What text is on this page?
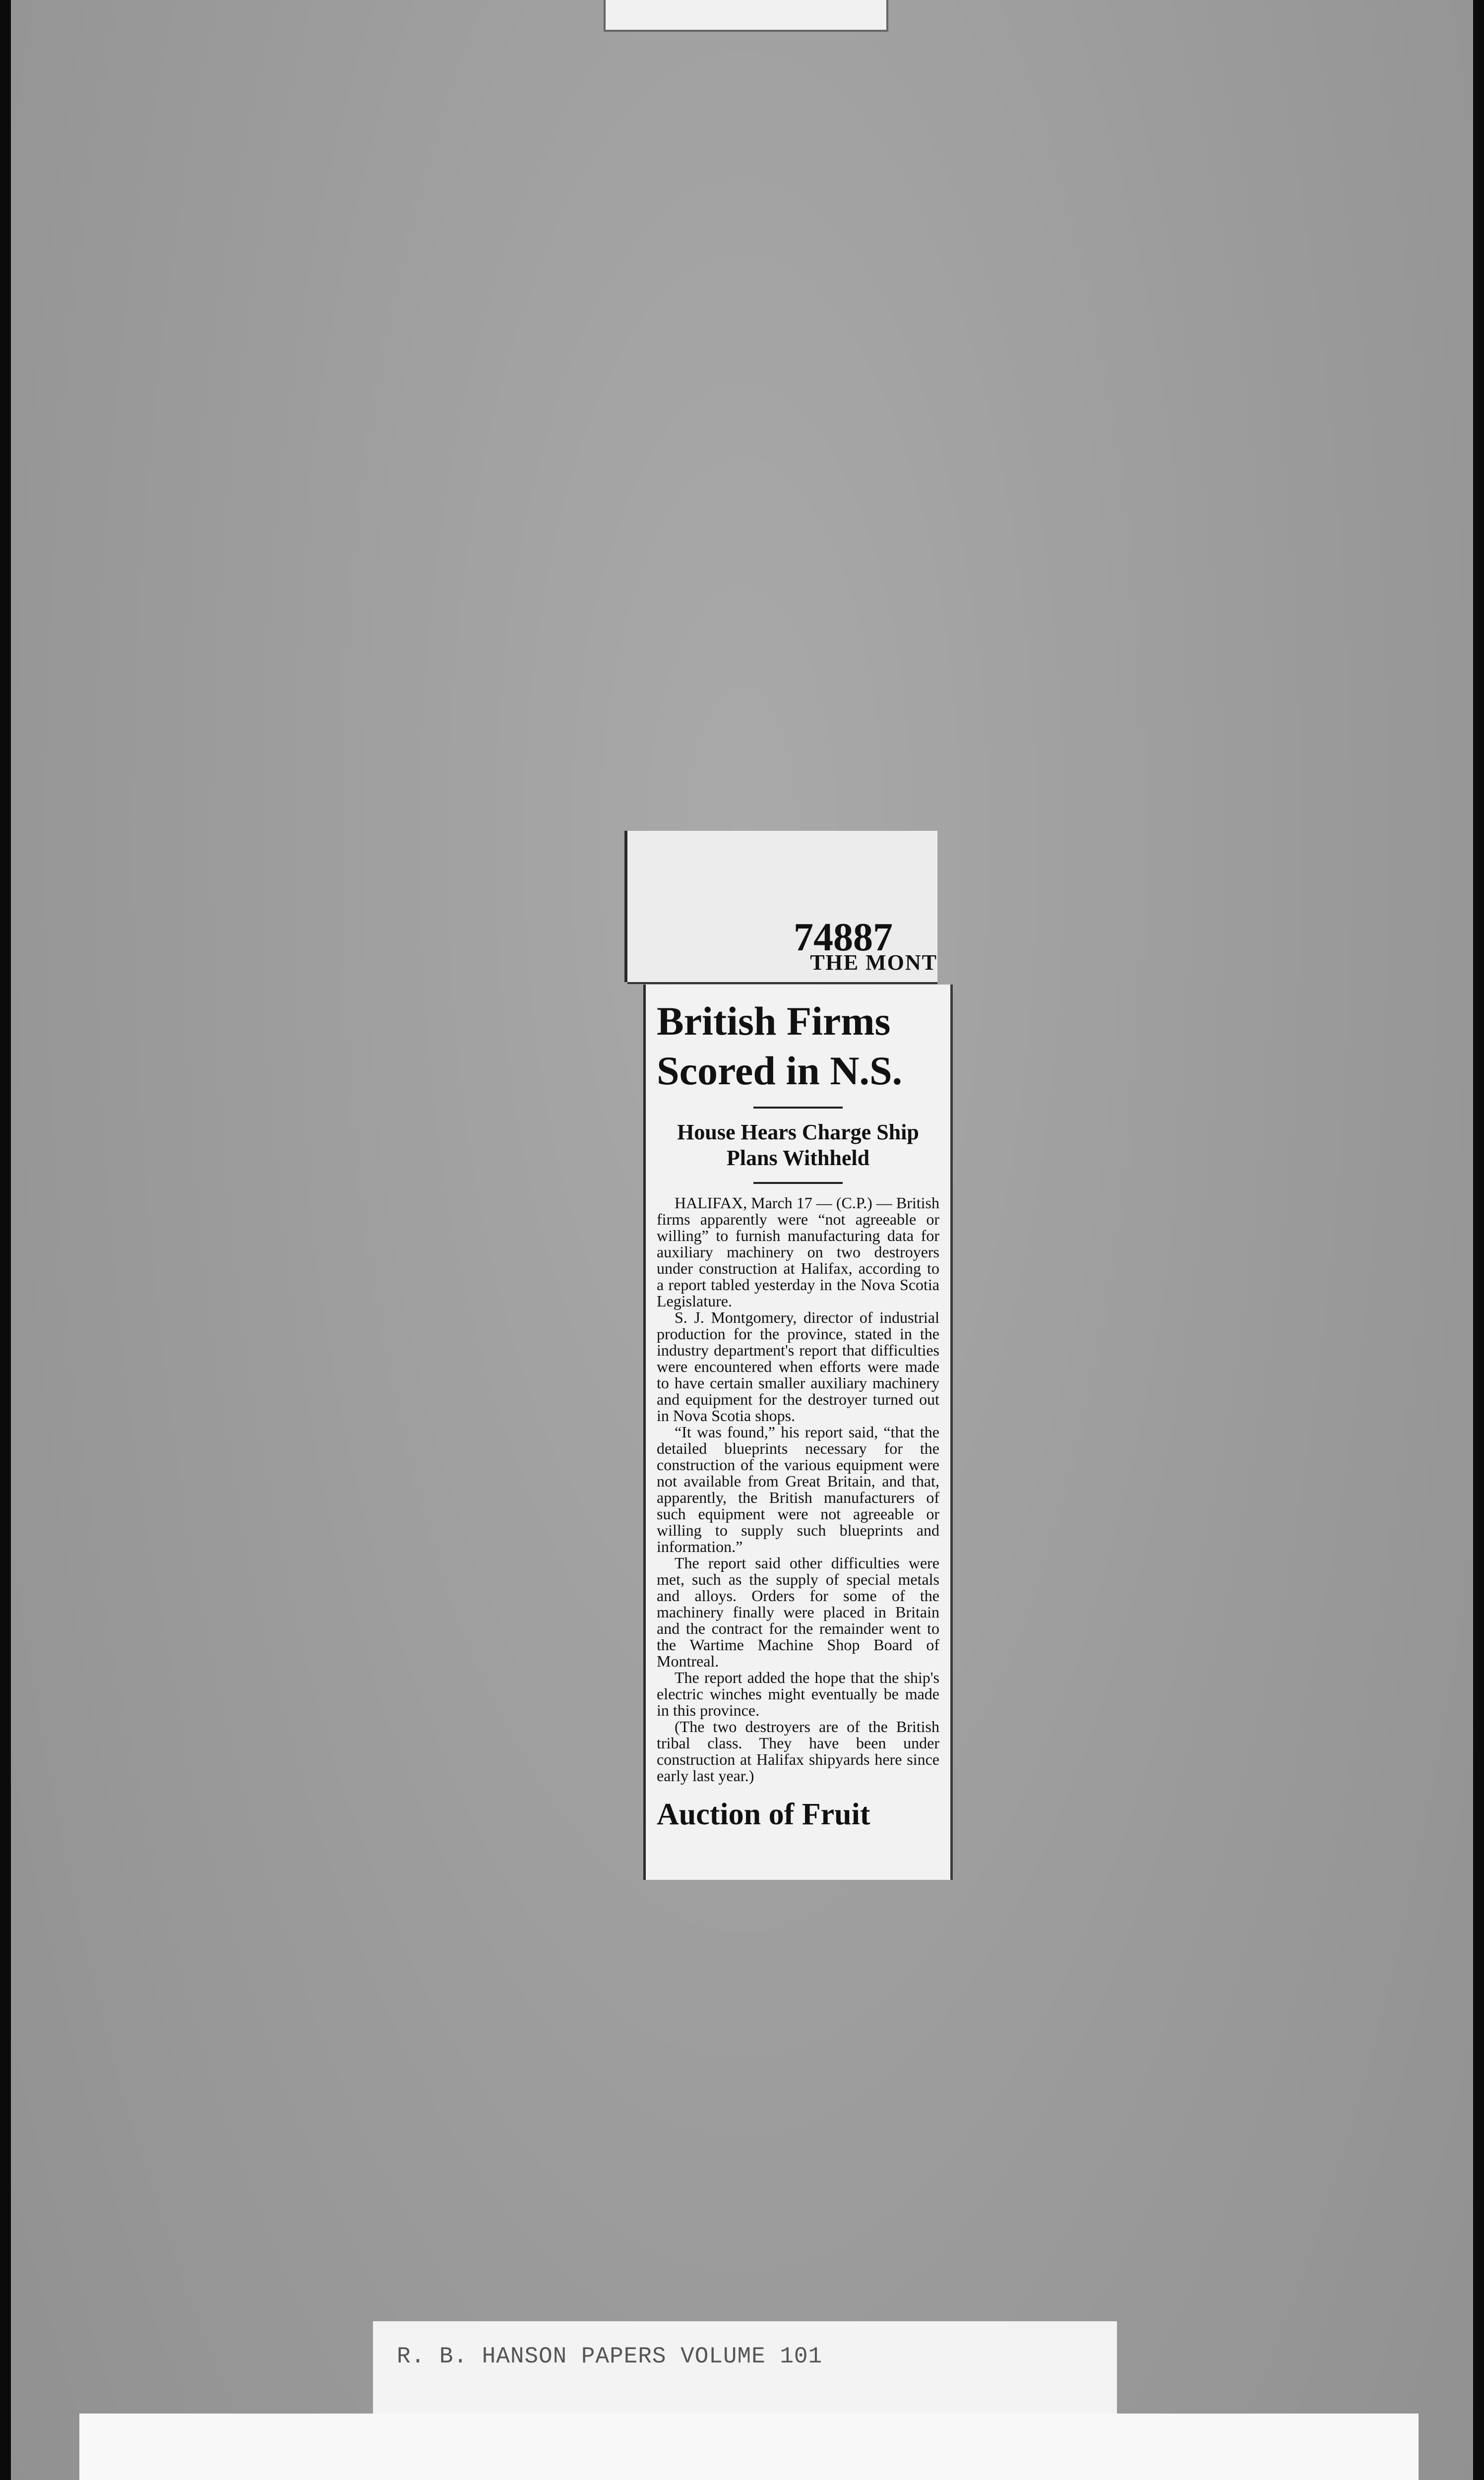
74887
THE MONT
British Firms Scored in N.S.
House Hears Charge Ship Plans Withheld

HALIFAX, March 17 — (C.P.) — British firms apparently were “not agreeable or willing” to furnish manufacturing data for auxiliary machinery on two destroyers under construction at Halifax, according to a report tabled yesterday in the Nova Scotia Legislature.

S. J. Montgomery, director of industrial production for the province, stated in the industry department's report that difficulties were encountered when efforts were made to have certain smaller auxiliary machinery and equipment for the destroyer turned out in Nova Scotia shops.

“It was found,” his report said, “that the detailed blueprints necessary for the construction of the various equipment were not available from Great Britain, and that, apparently, the British manufacturers of such equipment were not agreeable or willing to supply such blueprints and information.”

The report said other difficulties were met, such as the supply of special metals and alloys. Orders for some of the machinery finally were placed in Britain and the contract for the remainder went to the Wartime Machine Shop Board of Montreal.

The report added the hope that the ship's electric winches might eventually be made in this province.

(The two destroyers are of the British tribal class. They have been under construction at Halifax shipyards here since early last year.)

Auction of Fruit
R. B. HANSON PAPERS VOLUME 101
